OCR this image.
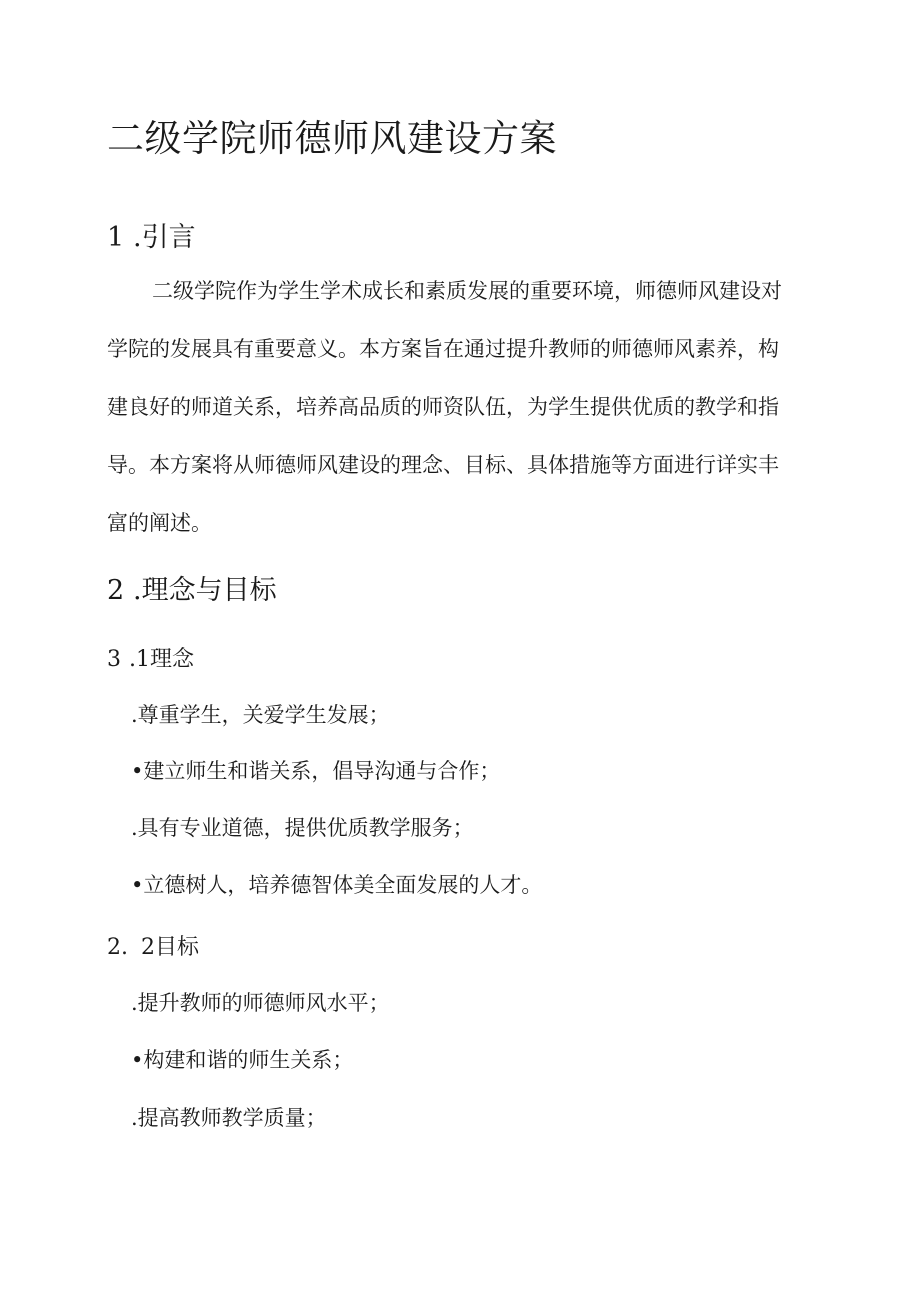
二级学院师德师风建设方案
1 .引言
二级学院作为学生学术成长和素质发展的重要环境，师德师风建设对
学院的发展具有重要意义。本方案旨在通过提升教师的师德师风素养，构
建良好的师道关系，培养高品质的师资队伍，为学生提供优质的教学和指
导。本方案将从师德师风建设的理念、目标、具体措施等方面进行详实丰
富的阐述。
2 .理念与目标
3 .1理念

.尊重学生，关爱学生发展；

•建立师生和谐关系，倡导沟通与合作；

.具有专业道德，提供优质教学服务；

•立德树人，培养德智体美全面发展的人才。

2. 2目标

.提升教师的师德师风水平；

•构建和谐的师生关系；

.提高教师教学质量；
